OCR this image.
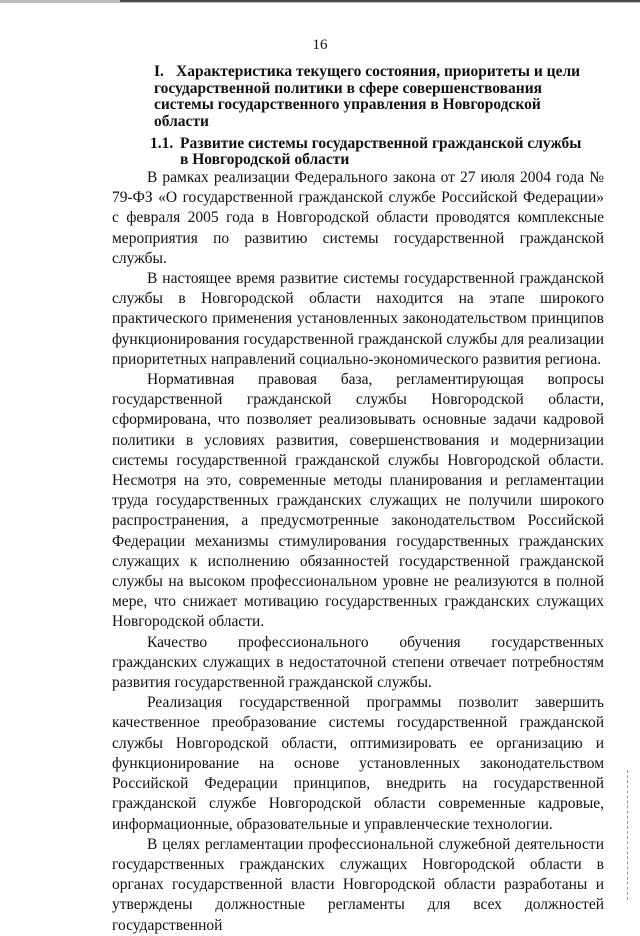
16
I. Характеристика текущего состояния, приоритеты и цели государственной политики в сфере совершенствования системы государственного управления в Новгородской области
1.1. Развитие системы государственной гражданской службы
в Новгородской области

В рамках реализации Федерального закона от 27 июля 2004 года № 79-ФЗ «О государственной гражданской службе Российской Федерации» с февраля 2005 года в Новгородской области проводятся комплексные мероприятия по развитию системы государственной гражданской службы.

В настоящее время развитие системы государственной гражданской службы в Новгородской области находится на этапе широкого практического применения установленных законодательством принципов функционирования государственной гражданской службы для реализации приоритетных направлений социально-экономического развития региона.

Нормативная правовая база, регламентирующая вопросы государственной гражданской службы Новгородской области, сформирована, что позволяет реализовывать основные задачи кадровой политики в условиях развития, совершенствования и модернизации системы государственной гражданской службы Новгородской области. Несмотря на это, современные методы планирования и регламентации труда государственных гражданских служащих не получили широкого распространения, а предусмотренные законодательством Российской Федерации механизмы стимулирования государственных гражданских служащих к исполнению обязанностей государственной гражданской службы на высоком профессиональном уровне не реализуются в полной мере, что снижает мотивацию государственных гражданских служащих Новгородской области.

Качество профессионального обучения государственных гражданских служащих в недостаточной степени отвечает потребностям развития государственной гражданской службы.

Реализация государственной программы позволит завершить качественное преобразование системы государственной гражданской службы Новгородской области, оптимизировать ее организацию и функционирование на основе установленных законодательством Российской Федерации принципов, внедрить на государственной гражданской службе Новгородской области современные кадровые, информационные, образовательные и управленческие технологии.

В целях регламентации профессиональной служебной деятельности государственных гражданских служащих Новгородской области в органах государственной власти Новгородской области разработаны и утверждены должностные регламенты для всех должностей государственной
